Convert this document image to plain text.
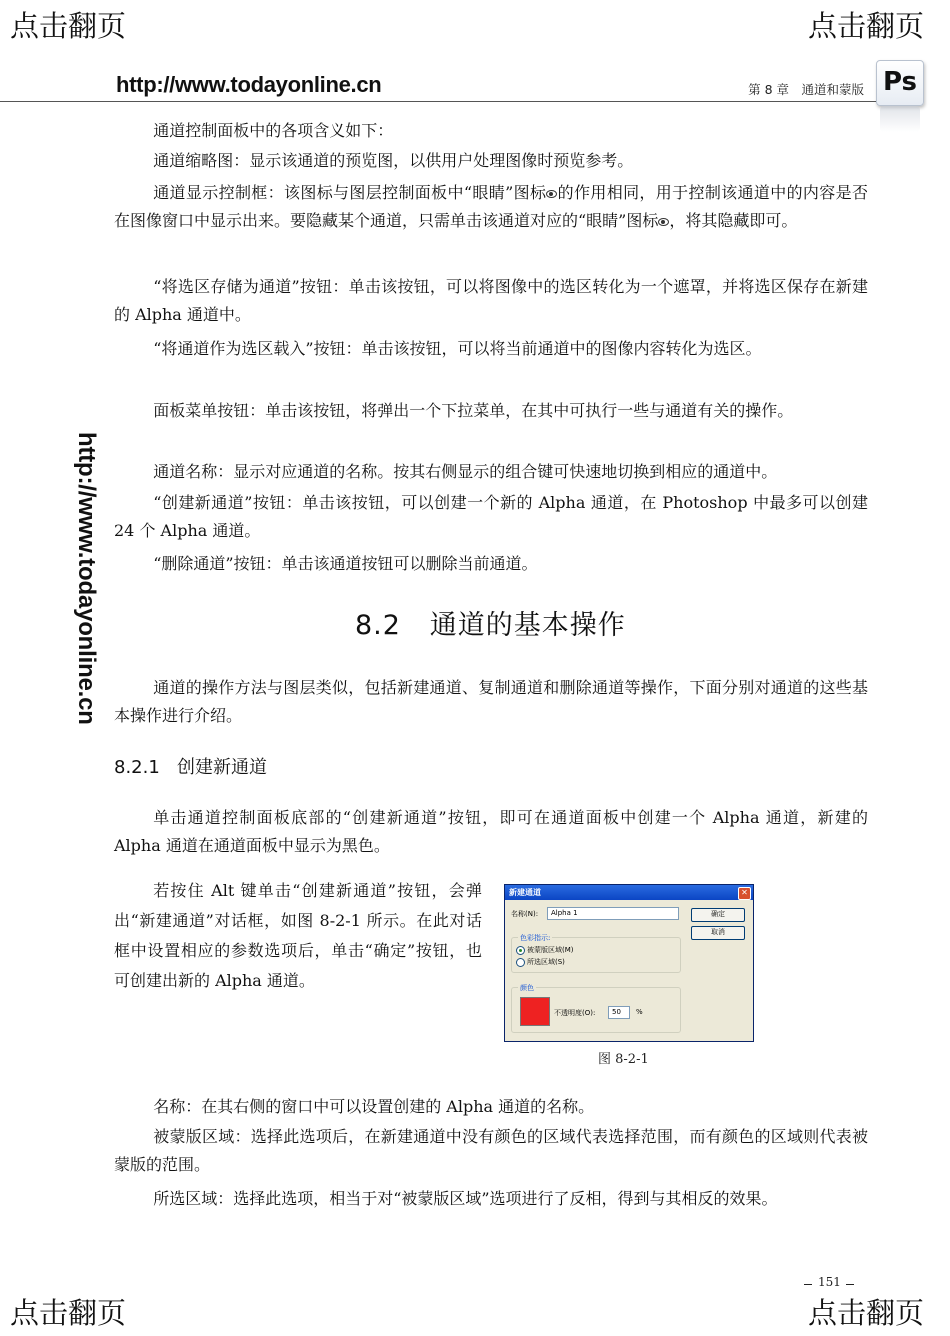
点击翻页	点击翻页
点击翻页	点击翻页
http://www.todayonline.cn	第 8 章　通道和蒙版 Ps
http://www.todayonline.cn

通道控制面板中的各项含义如下：

通道缩略图：显示该通道的预览图，以供用户处理图像时预览参考。

通道显示控制框：该图标与图层控制面板中“眼睛”图标 的作用相同，用于控制该通道中的内容是否在图像窗口中显示出来。要隐藏某个通道，只需单击该通道对应的“眼睛”图标 ，将其隐藏即可。

“将选区存储为通道”按钮：单击该按钮，可以将图像中的选区转化为一个遮罩，并将选区保存在新建的 Alpha 通道中。

“将通道作为选区载入”按钮：单击该按钮，可以将当前通道中的图像内容转化为选区。

面板菜单按钮：单击该按钮，将弹出一个下拉菜单，在其中可执行一些与通道有关的操作。

通道名称：显示对应通道的名称。按其右侧显示的组合键可快速地切换到相应的通道中。

“创建新通道”按钮：单击该按钮，可以创建一个新的 Alpha 通道，在 Photoshop 中最多可以创建 24 个 Alpha 通道。

“删除通道”按钮：单击该通道按钮可以删除当前通道。

8.2 通道的基本操作

通道的操作方法与图层类似，包括新建通道、复制通道和删除通道等操作，下面分别对通道的这些基本操作进行介绍。

8.2.1 创建新通道

单击通道控制面板底部的“创建新通道”按钮，即可在通道面板中创建一个 Alpha 通道，新建的 Alpha 通道在通道面板中显示为黑色。

若按住 Alt 键单击“创建新通道”按钮，会弹出“新建通道”对话框，如图 8-2-1 所示。在此对话框中设置相应的参数选项后，单击“确定”按钮，也可创建出新的 Alpha 通道。

新建通道	✕
名称(N):	Alpha 1	确定
取消
色彩指示:
被蒙版区域(M)
所选区域(S)
颜色
不透明度(O):	50	%
图 8-2-1

名称：在其右侧的窗口中可以设置创建的 Alpha 通道的名称。

被蒙版区域：选择此选项后，在新建通道中没有颜色的区域代表选择范围，而有颜色的区域则代表被蒙版的范围。

所选区域：选择此选项，相当于对“被蒙版区域”选项进行了反相，得到与其相反的效果。

151
